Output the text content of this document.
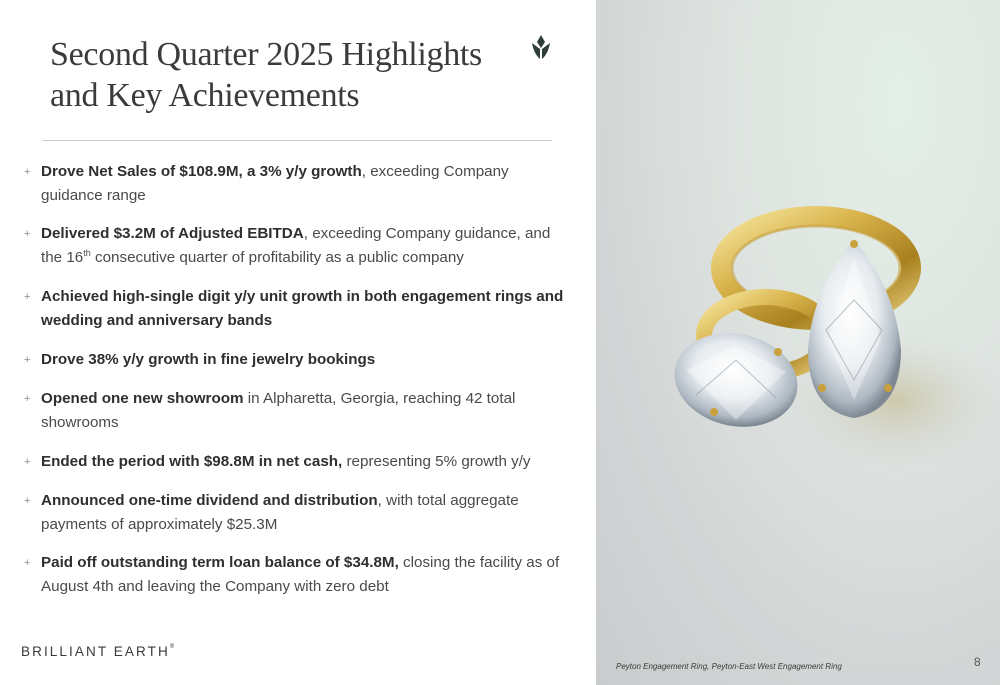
Second Quarter 2025 Highlights
and Key Achievements
+ Drove Net Sales of $108.9M, a 3% y/y growth, exceeding Company guidance range
+ Delivered $3.2M of Adjusted EBITDA, exceeding Company guidance, and the 16th consecutive quarter of profitability as a public company
+ Achieved high-single digit y/y unit growth in both engagement rings and wedding and anniversary bands
+ Drove 38% y/y growth in fine jewelry bookings
+ Opened one new showroom in Alpharetta, Georgia, reaching 42 total showrooms
+ Ended the period with $98.8M in net cash, representing 5% growth y/y
+ Announced one-time dividend and distribution, with total aggregate payments of approximately $25.3M
+ Paid off outstanding term loan balance of $34.8M, closing the facility as of August 4th and leaving the Company with zero debt
BRILLIANT EARTH®
Peyton Engagement Ring, Peyton-East West Engagement Ring	8
